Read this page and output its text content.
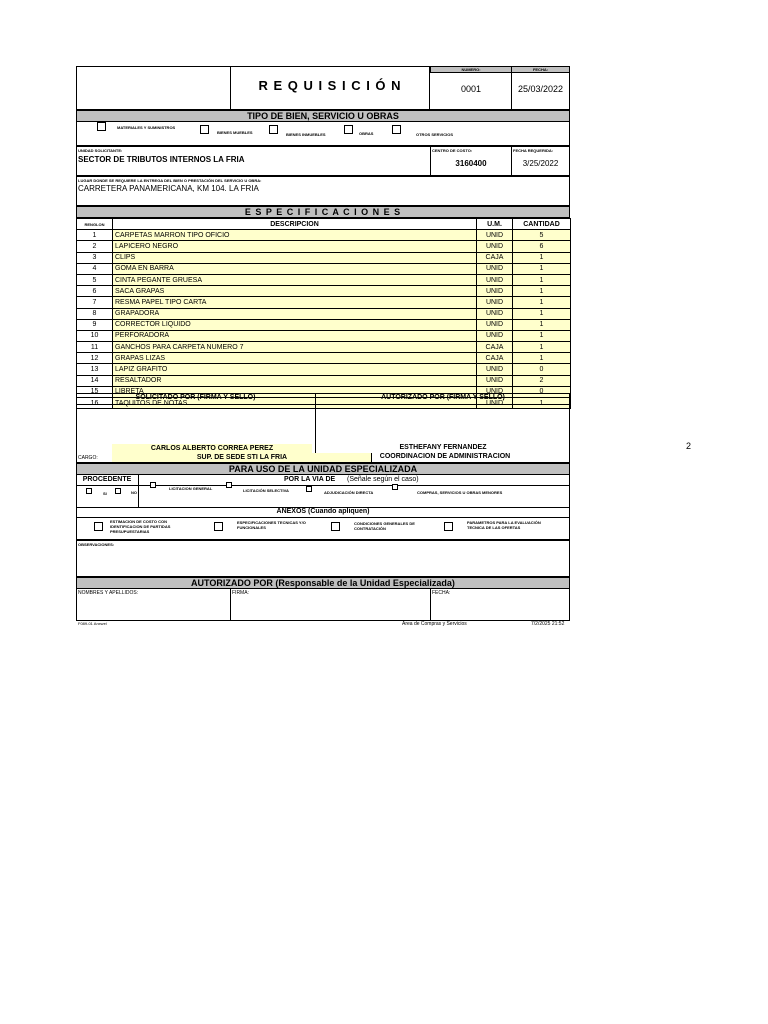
R E Q U I S I C I Ó N
NUMERO:	FECHA:
0001	25/03/2022
TIPO DE BIEN, SERVICIO U OBRAS
MATERIALES Y SUMINISTROS
BIENES MUEBLES	BIENES INMUEBLES	OBRAS	OTROS SERVICIOS
UNIDAD SOLICITANTE:
SECTOR DE TRIBUTOS INTERNOS LA FRIA
CENTRO DE COSTO:
3160400
FECHA REQUERIDA:
3/25/2022
LUGAR DONDE SE REQUIERE LA ENTREGA DEL BIEN O PRESTACIÓN DEL SERVICIO U OBRA:
CARRETERA PANAMERICANA, KM 104. LA FRIA
E S P E C I F I C A C I O N E S
RENGLON	DESCRIPCION	U.M.	CANTIDAD
1	CARPETAS MARRON TIPO OFICIO	UNID	5
2	LAPICERO NEGRO	UNID	6
3	CLIPS	CAJA	1
4	GOMA EN BARRA	UNID	1
5	CINTA PEGANTE GRUESA	UNID	1
6	SACA GRAPAS	UNID	1
7	RESMA PAPEL TIPO CARTA	UNID	1
8	GRAPADORA	UNID	1
9	CORRECTOR LIQUIDO	UNID	1
10	PERFORADORA	UNID	1
11	GANCHOS PARA CARPETA NUMERO 7	CAJA	1
12	GRAPAS LIZAS	CAJA	1
13	LAPIZ GRAFITO	UNID	0
14	RESALTADOR	UNID	2
15	LIBRETA	UNID	0
16	TAQUITOS DE NOTAS	UNID	1
SOLICITADO POR (FIRMA Y SELLO)	AUTORIZADO POR (FIRMA Y SELLO)
CARLOS ALBERTO CORREA PEREZ
SUP. DE SEDE STI LA FRIA
CARGO:
ESTHEFANY FERNANDEZ
COORDINACION DE ADMINISTRACION
PARA USO DE LA UNIDAD ESPECIALIZADA
PROCEDENTE
SI	NO
POR LA VIA DE (Señale según el caso)
LICITACION GENERAL	LICITACIÓN SELECTIVA	ADJUDICACIÓN DIRECTA	COMPRAS, SERVICIOS U OBRAS MENORES
ANEXOS (Cuando apliquen)
ESTIMACION DE COSTO CON IDENTIFICACION DE PARTIDAS PRESUPUESTARIAS
ESPECIFICACIONES TECNICAS Y/O FUNCIONALES
CONDICIONES GENERALES DE CONTRATACIÓN
PARAMETROS PARA LA EVALUACIÓN TECNICA DE LAS OFERTAS
OBSERVACIONES:
AUTORIZADO POR (Responsable de la Unidad Especializada)
NOMBRES Y APELLIDOS:	FIRMA:	FECHA:
F089-01 Anxwel	Area de Compras y Servicios	7/2/2025 21:52
2
